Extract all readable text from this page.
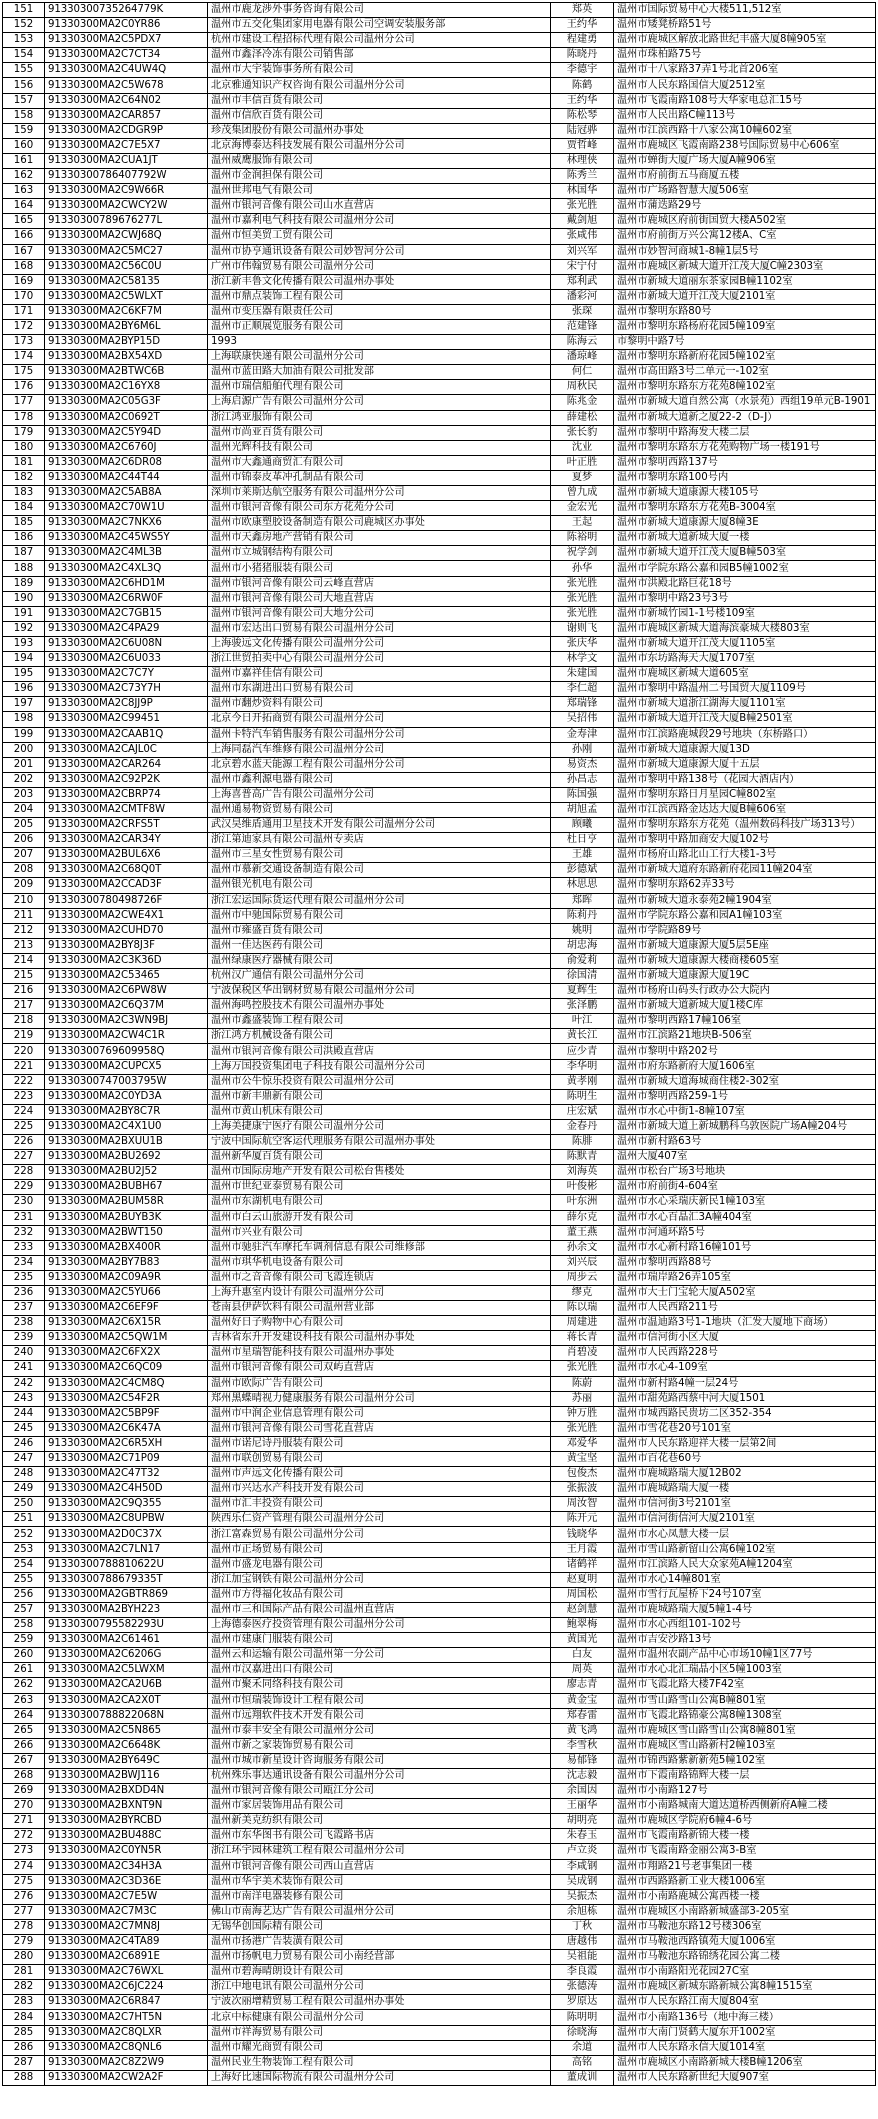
151	91330300735264779K	温州市鹿龙涉外事务咨询有限公司	郑英	温州市国际贸易中心大楼511,512室
152	91330300MA2C0YR86	温州市五交化集团家用电器有限公司空调安装服务部	王约华	温州市矮凳桥路51号
153	91330300MA2C5PDX7	杭州市建设工程招标代理有限公司温州分公司	程建勇	温州市鹿城区解放北路世纪丰盛大厦8幢905室
154	91330300MA2C7CT34	温州市鑫泽冷冻有限公司销售部	陈晓丹	温州市珠柏路75号
155	91330300MA2C4UW4Q	温州市大宇装饰事务所有限公司	李德宇	温州市十八家路37弄1号北首206室
156	91330300MA2C5W678	北京雅通知识产权咨询有限公司温州分公司	陈鹤	温州市人民东路国信大厦2512室
157	91330300MA2C64N02	温州市丰信百货有限公司	王约华	温州市飞霞南路108号大华家电总汇15号
158	91330300MA2CAR857	温州市信欣百货有限公司	陈松琴	温州市人民出路C幢113号
159	91330300MA2CDGR9P	珍茂集团股份有限公司温州办事处	陆冠骅	温州市江滨西路十八家公寓10幢602室
160	91330300MA2C7E5X7	北京海博泰达科技发展有限公司温州分公司	贾哲峰	温州市鹿城区飞霞南路238号国际贸易中心606室
161	91330300MA2CUA1JT	温州威鹰服饰有限公司	林理侠	温州市蝉街大厦广场大厦A幢906室
162	91330300786407792W	温州市金润担保有限公司	陈秀兰	温州市府前街五马商厦五楼
163	91330300MA2C9W66R	温州世邦电气有限公司	林国华	温州市广场路智慧大厦506室
164	91330300MA2CWCY2W	温州市银河音像有限公司山水直营店	张光胜	温州市蒲迭路29号
165	91330300789676277L	温州市嘉利电气科技有限公司温州分公司	戴剑旭	温州市鹿城区府前街国贸大楼A502室
166	91330300MA2CWJ68Q	温州市恒美贸工贸有限公司	张咸伟	温州市府前街万兴公寓12楼A、C室
167	91330300MA2C5MC27	温州市协亨通讯设备有限公司妙智河分公司	刘兴军	温州市妙智河商城1-8幢1层5号
168	91330300MA2C56C0U	广州市伟翰贸易有限公司温州分公司	宋宁付	温州市鹿城区新城大道开江茂大厦C幢2303室
169	91330300MA2C58135	浙江新丰鲁文化传播有限公司温州办事处	郑利武	温州市新城大道丽东茶家园B幢1102室
170	91330300MA2C5WLXT	温州市鼎点装饰工程有限公司	潘彩河	温州市新城大道开江茂大厦2101室
171	91330300MA2C6KF7M	温州市变压器有限责任公司	张琛	温州市黎明东路80号
172	91330300MA2BY6M6L	温州市正顺展览服务有限公司	范建锋	温州市黎明东路杨府花园5幢109室
173	91330300MA2BYP15D	1993	陈海云	市黎明中路7号
174	91330300MA2BX54XD	上海联康快递有限公司温州分公司	潘琼峰	温州市黎明东路新府花园5幢102室
175	91330300MA2BTWC6B	温州市蓝田路大加油有限公司批发部	何仁	温州市高田路3号二单元一-102室
176	91330300MA2C16YX8	温州市瑞信船舶代理有限公司	周秋民	温州市黎明东路东方花苑8幢102室
177	91330300MA2C05G3F	上海启源广告有限公司温州分公司	陈兆金	温州市新城大道自然公寓（水景苑）西组19单元B-1901
178	91330300MA2C0692T	浙江鸿亚服饰有限公司	薛建松	温州市新城大道新之厦22-2（D-J）
179	91330300MA2C5Y94D	温州市尚亚百货有限公司	张长豹	温州市黎明中路海发大楼二层
180	91330300MA2C6760J	温州光辉科技有限公司	沈业	温州市黎明东路东方花苑购物广场一楼191号
181	91330300MA2C6DR08	温州市大鑫通商贸汇有限公司	叶正胜	温州市黎明西路137号
182	91330300MA2C44T44	温州市锦泰皮革冲孔制品有限公司	夏梦	温州市黎明东路100号内
183	91330300MA2C5AB8A	深圳市莱斯达航空服务有限公司温州分公司	曾九成	温州市新城大道康源大楼105号
184	91330300MA2C70W1U	温州市银河音像有限公司东方花苑分公司	金宏光	温州市黎明东路东方花苑B-3004室
185	91330300MA2C7NKX6	温州市欧康塑胶设备制造有限公司鹿城区办事处	王起	温州市新城大道康源大厦8幢3E
186	91330300MA2C45WS5Y	温州市天鑫房地产营销有限公司	陈裕明	温州市新城大道新城大厦一楼
187	91330300MA2C4ML3B	温州市立城钢结构有限公司	祝学剑	温州市新城大道开江茂大厦B幢503室
188	91330300MA2C4XL3Q	温州市小猪猪服装有限公司	孙华	温州市学院东路公嘉和园B5幢1002室
189	91330300MA2C6HD1M	温州市银河音像有限公司云峰直营店	张光胜	温州市洪殿北路巨花18号
190	91330300MA2C6RW0F	温州市银河音像有限公司大地直营店	张光胜	温州市黎明中路23号3号
191	91330300MA2C7GB15	温州市银河音像有限公司大地分公司	张光胜	温州市新城竹园1-1号楼109室
192	91330300MA2C4PA29	温州市宏达出口贸易有限公司温州分公司	谢则飞	温州市鹿城区新城大道海滨豪城大楼803室
193	91330300MA2C6U08N	上海骏远文化传播有限公司温州分公司	张庆华	温州市新城大道开江茂大厦1105室
194	91330300MA2C6U033	浙江世贸拍卖中心有限公司温州分公司	林学文	温州市东坊路海天大厦1707室
195	91330300MA2C7C7Y	温州市嘉祥佳信有限公司	朱建国	温州市鹿城区新城大道605室
196	91330300MA2C73Y7H	温州市东湖进出口贸易有限公司	李仁超	温州市黎明中路温州二号国贸大厦1109号
197	91330300MA2C8JJ9P	温州市翻炒资料有限公司	郑瑞锋	温州市新城大道浙江湖海大厦1101室
198	91330300MA2C99451	北京今日开拓商贸有限公司温州分公司	吴招伟	温州市新城大道开江茂大厦B幢2501室
199	91330300MA2CAAB1Q	温州卡特汽车销售服务有限公司温州分公司	金寿津	温州市江滨路鹿城段29号地块（东桥路口）
200	91330300MA2CAJL0C	上海同磊汽车维修有限公司温州分公司	孙刚	温州市新城大道康源大厦13D
201	91330300MA2CAR264	北京碧水蓝天能源工程有限公司温州分公司	易资杰	温州市新城大道康源大厦十五层
202	91330300MA2C92P2K	温州市鑫利源电器有限公司	孙昌志	温州市黎明中路138号（花园大酒店内）
203	91330300MA2CBRP74	上海喜普高广告有限公司温州分公司	陈国强	温州市黎明东路日月星园C幢802室
204	91330300MA2CMTF8W	温州通易物资贸易有限公司	胡旭孟	温州市江滨西路金达达大厦B幢606室
205	91330300MA2CRFS5T	武汉昊维盾通用卫星技术开发有限公司温州分公司	顾曦	温州市黎明东路东方花苑（温州数码科技广场313号）
206	91330300MA2CAR34Y	浙江第迪家具有限公司温州专卖店	杜日亨	温州市黎明中路加商安大厦102号
207	91330300MA2BUL6X6	温州市三星女性贸易有限公司	王雄	温州市杨府山路北山工行大楼1-3号
208	91330300MA2C68Q0T	温州市慕新交通设备制造有限公司	彭德斌	温州市新城大道府东路新府花园11幢204室
209	91330300MA2CCAD3F	温州银光机电有限公司	林思思	温州市黎明东路62弄33号
210	91330300780498726F	浙江宏运国际货运代理有限公司温州分公司	郑晖	温州市新城大道永泰苑2幢1904室
211	91330300MA2CWE4X1	温州市中驰国际贸易有限公司	陈莉丹	温州市学院东路公嘉和园A1幢103室
212	91330300MA2CUHD70	温州市雍盛百货有限公司	姚明	温州市学院路89号
213	91330300MA2BY8J3F	温州一佳达医药有限公司	胡忠海	温州市新城大道康源大厦5层5E座
214	91330300MA2C3K36D	温州绿康医疗器械有限公司	俞爱莉	温州市新城大道康源大楼商楼605室
215	91330300MA2C53465	杭州汉广通信有限公司温州分公司	徐国清	温州市新城大道康源大厦19C
216	91330300MA2C6PW8W	宁波保税区华出钢材贸易有限公司温州分公司	夏辉生	温州市杨府山码头行政办公大院内
217	91330300MA2C6Q37M	温州海鸣控股技术有限公司温州办事处	张泽鹏	温州市新城大道新城大厦1楼C库
218	91330300MA2C3WN9BJ	温州市鑫盛装饰工程有限公司	叶江	温州市黎明西路17幢106室
219	91330300MA2CW4C1R	浙江鸿方机械设备有限公司	黄长江	温州市江滨路21地块B-506室
220	91330300769609958Q	温州市银河音像有限公司洪殿直营店	应少青	温州市黎明中路202号
221	91330300MA2CUPCX5	上海万国投资集团电子科技有限公司温州分公司	李华明	温州市府东路新府大厦1606室
222	91330300747003795W	温州市公牛惊乐投资有限公司温州分公司	黄孝刚	温州市新城大道海城商住楼2-302室
223	91330300MA2C0YD3A	温州市新丰鼎新有限公司	陈明生	温州市黎明西路259-1号
224	91330300MA2BY8C7R	温州市黄山机床有限公司	庄宏斌	温州市水心中街1-8幢107室
225	91330300MA2C4X1U0	上海美捷康宁医疗有限公司温州分公司	金春丹	温州市新城大道上新城鹏科乌敦医院广场A幢204号
226	91330300MA2BXUU1B	宁波中国际航空客运代理服务有限公司温州办事处	陈腓	温州市新村路63号
227	91330300MA2BU2692	温州新华厦百货有限公司	陈默青	温州大厦407室
228	91330300MA2BU2J52	温州市国际房地产开发有限公司松台售楼处	刘海英	温州市松台广场3号地块
229	91330300MA2BUBH67	温州市世纪亚泰贸易有限公司	叶俊彬	温州市府前街4-604室
230	91330300MA2BUM58R	温州市东湖机电有限公司	叶东洲	温州市水心采瑞庆新民1幢103室
231	91330300MA2BUYB3K	温州市白云山旅游开发有限公司	薛尔克	温州市水心百晶汇3A幢404室
232	91330300MA2BWT150	温州市兴业有限公司	董王燕	温州市河通环路5号
233	91330300MA2BX400R	温州市驰驻汽车摩托车调剂信息有限公司维修部	孙余文	温州市水心新村路16幢101号
234	91330300MA2BY7B83	温州市琪华机电设备有限公司	刘兴辰	温州市黎明西路88号
235	91330300MA2C09A9R	温州市之音音像有限公司飞霞连锁店	周步云	温州市瑞岸路26弄105室
236	91330300MA2C5YU66	上海升惠室内设计有限公司温州分公司	缪克	温州市大士门宝轮大厦A502室
237	91330300MA2C6EF9F	苍南县伊萨饮料有限公司温州营业部	陈以瑞	温州市人民西路211号
238	91330300MA2C6X15R	温州好日子购物中心有限公司	周建进	温州市温迪路3号1-1地块（汇发大厦地下商场）
239	91330300MA2C5QW1M	吉林省东升开发建设科技有限公司温州办事处	蒋长青	温州市信河街小区大厦
240	91330300MA2C6FX2X	温州市星瑞智能科技有限公司温州办事处	肖碧凌	温州市人民西路228号
241	91330300MA2C6QC09	温州市银河音像有限公司双屿直营店	张光胜	温州市水心4-109室
242	91330300MA2C4CM8Q	温州市欧际广告有限公司	陈蔚	温州市新村路4幢一层24号
243	91330300MA2C54F2R	郑州黑蝶晴视力健康服务有限公司温州分公司	苏丽	温州市甜苑路西蔡中河大厦1501
244	91330300MA2C5BP9F	温州市中润企业信息管理有限公司	钟万胜	温州市城西路民贵坊二区352-354
245	91330300MA2C6K47A	温州市银河音像有限公司雪花直营店	张光胜	温州市雪花巷20号101室
246	91330300MA2C6R5XH	温州市诺尼诗丹服装有限公司	邓爱华	温州市人民东路迎祥大楼一层第2间
247	91330300MA2C71P09	温州市联创贸易有限公司	黄宝坚	温州市百花巷60号
248	91330300MA2C47T32	温州市声远文化传播有限公司	包俊杰	温州市鹿城路瑞大厦12B02
249	91330300MA2C4H50D	温州市兴达水产科技开发有限公司	张振波	温州市鹿城路瑞大厦一楼
250	91330300MA2C9Q355	温州市汇丰投资有限公司	周汝智	温州市信河街3号2101室
251	91330300MA2C8UPBW	陕西乐仁资产管理有限公司温州分公司	陈开元	温州市信河街信河大厦2101室
252	91330300MA2D0C37X	浙江富森贸易有限公司温州分公司	钱晓华	温州市水心凤慧大楼一层
253	91330300MA2C7LN17	温州市正场贸易有限公司	王月霞	温州市雪山路新留山公寓6幢102室
254	91330300788810622U	温州市盛龙电器有限公司	诸鹤祥	温州市江滨路人民大众家苑A幢1204室
255	91330300788679335T	浙江加宝钢铁有限公司温州分公司	赵夏明	温州市水心14幢801室
256	91330300MA2GBTR869	温州市方得福化妆品有限公司	周国松	温州市雪行瓦屋桥下24号107室
257	91330300MA2BYH223	温州市三和国际产品有限公司温州直营店	赵剑慧	温州市鹿城路瑞大厦5幢1-4号
258	91330300795582293U	上海德泰医疗投资管理有限公司温州分公司	鲍翠梅	温州市水心西组101-102号
259	91330300MA2C61461	温州市建康门服装有限公司	黄国光	温州市吉安沙路13号
260	91330300MA2C6206G	温州云和运输有限公司温州第一分公司	白友	温州市温州农副产品中心市场10幢1区77号
261	91330300MA2C5LWXM	温州市汉嘉进出口有限公司	周英	温州市水心北汇瑞晶小区5幢1003室
262	91330300MA2CA2U6B	温州市聚禾同络科技有限公司	廖志青	温州市飞霞北路大楼7F42室
263	91330300MA2CA2X0T	温州市恒瑞装饰设计工程有限公司	黄金宝	温州市雪山路雪山公寓B幢801室
264	91330300788822068N	温州市远翔软件技术开发有限公司	郑春雷	温州市飞霞北路锦豪公寓8幢1308室
265	91330300MA2C5N865	温州市泰丰安全有限公司温州分公司	黄飞鸿	温州市鹿城区雪山路雪山公寓8幢801室
266	91330300MA2C6648K	温州市新之家装饰贸易有限公司	李雪秋	温州市鹿城区雪山路新村2幢103室
267	91330300MA2BY649C	温州市城市新星设计咨询服务有限公司	易郁锋	温州市锦西路紫新新苑5幢102室
268	91330300MA2BWJ116	杭州殊乐事达通讯设备有限公司温州分公司	沈志毅	温州市下霞南路锦辉大楼一层
269	91330300MA2BXDD4N	温州市银河音像有限公司瓯江分公司	余国因	温州市小南路127号
270	91330300MA2BXNT9N	温州市家居装饰用品有限公司	王丽华	温州市小南路城南大道达道桥西侧新府A幢二楼
271	91330300MA2BYRCBD	温州新美克纺织有限公司	胡明亮	温州市鹿城区学院府6幢4-6号
272	91330300MA2BU488C	温州市东华图书有限公司飞霞路书店	朱春玉	温州市飞霞南路新锦大楼一楼
273	91330300MA2C0YN5R	浙江环宇园林建筑工程有限公司温州分公司	卢立炎	温州市飞霞南路金丽公寓3-B室
274	91330300MA2C34H3A	温州市银河音像有限公司西山直营店	李咸钢	温州市翔路21号老事集团一楼
275	91330300MA2C3D36E	温州市华宇美术装饰有限公司	吴成钢	温州市西路路新工业大楼1006室
276	91330300MA2C7E5W	温州市南洋电器装修有限公司	吴振杰	温州市小南路鹿城公寓西楼一楼
277	91330300MA2C7M3C	佛山市南海艺达广告有限公司温州分公司	余旭栋	温州市鹿城区小南路新城盛部3-205室
278	91330300MA2C7MN8J	无锡华创国际精有限公司	丁秋	温州市马鞍池东路12号楼306室
279	91330300MA2C4TA89	温州市扬港广告装潢有限公司	唐越伟	温州市马鞍池西路镇苑大厦1006室
280	91330300MA2C6891E	温州市扬帆电力贸易有限公司小南经营部	吴祖能	温州市马鞍池东路锦绣花园公寓二楼
281	91330300MA2C76WXL	温州市碧海晴朗设计有限公司	李良霞	温州市小南路阳光花园27C室
282	91330300MA2C6JC224	浙江中地电讯有限公司温州分公司	张德涛	温州市鹿城区新城东路新城公寓8幢1515室
283	91330300MA2C6R847	宁波次丽增精贸易工程有限公司温州办事处	罗原达	温州市人民东路江南大厦804室
284	91330300MA2C7HT5N	北京中标健康有限公司温州分公司	陈明明	温州市小南路136号（地中海三楼）
285	91330300MA2C8QLXR	温州市祥海贸易有限公司	徐晓海	温州市大南门贤鹤大厦东开1002室
286	91330300MA2C8QNL6	温州市耀光商贸有限公司	余道	温州市人民东路永信大厦1014室
287	91330300MA2C8Z2W9	温州民业生物装饰工程有限公司	高铭	温州市鹿城区小南路新城大楼B幢1206室
288	91330300MA2CW2A2F	上海好比速国际物流有限公司温州分公司	董成训	温州市人民东路新世纪大厦907室
